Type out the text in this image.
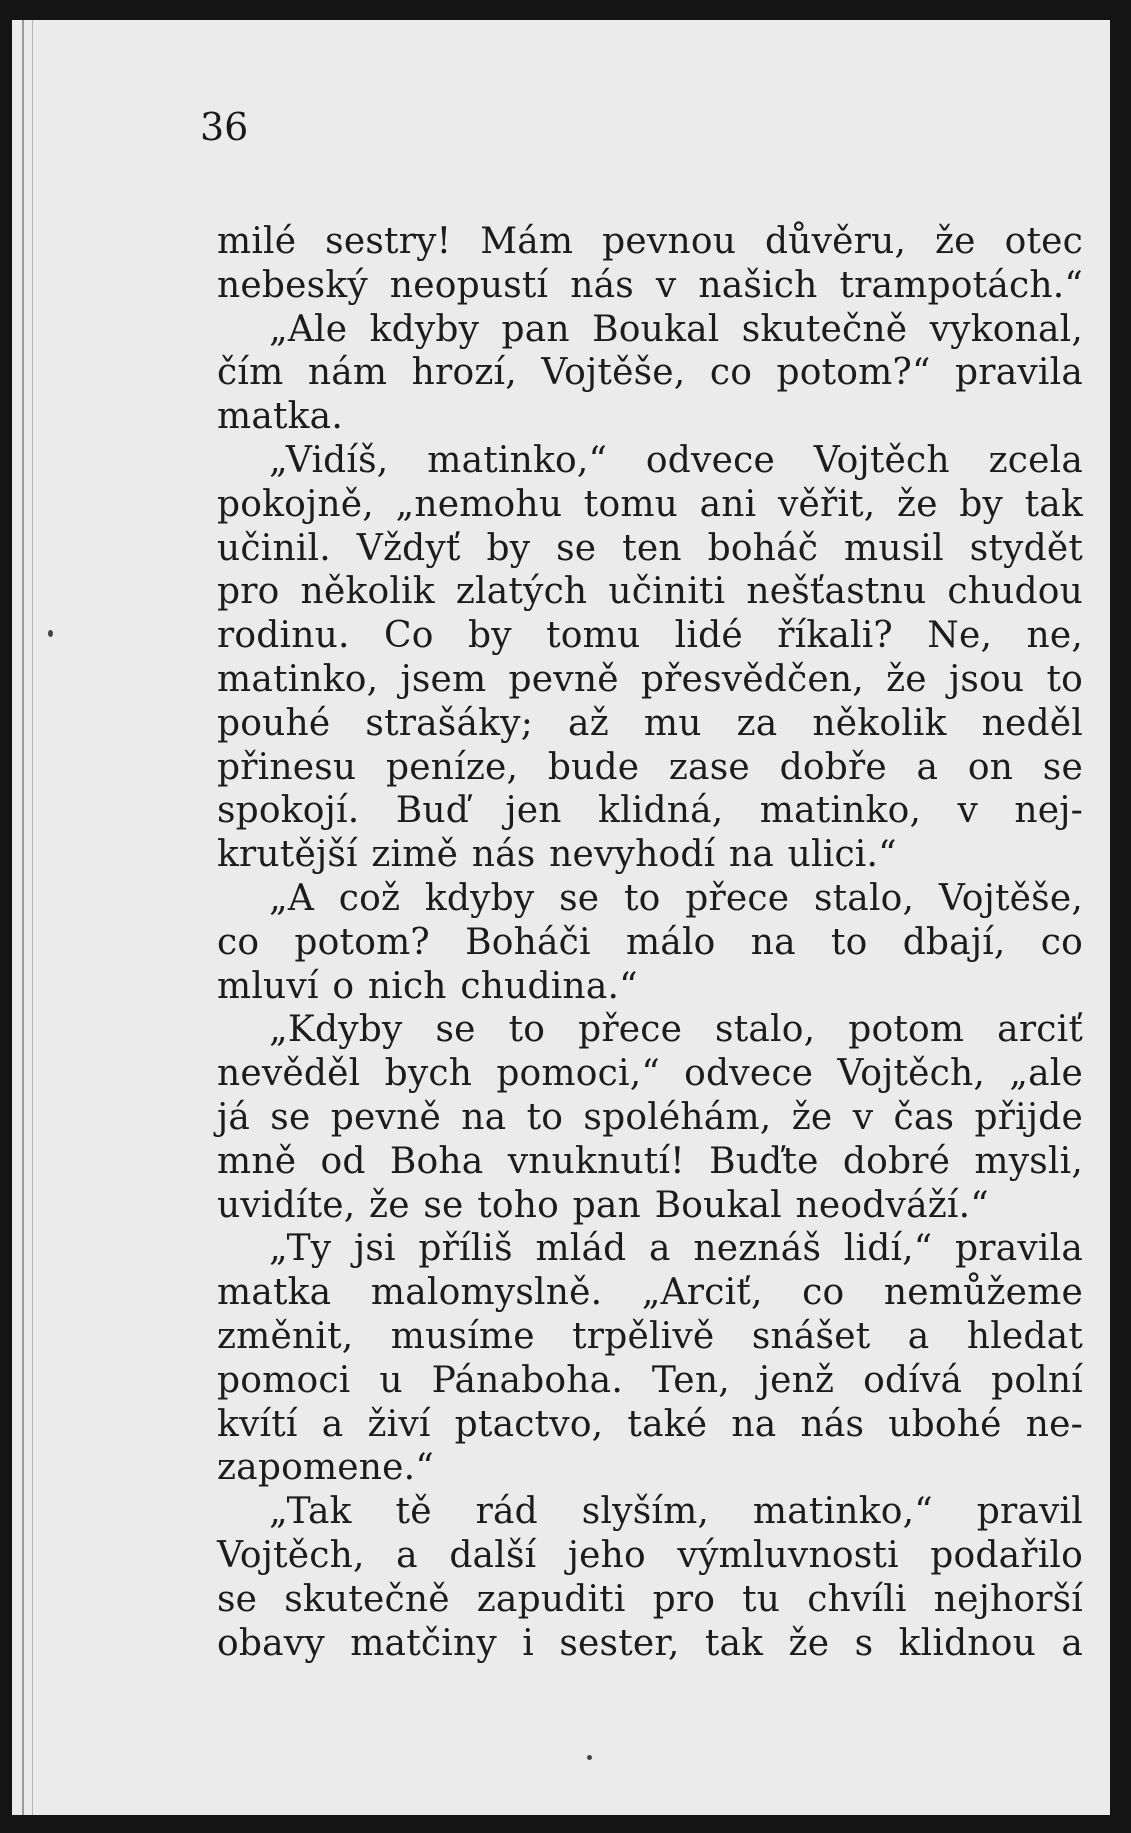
36
milé sestry! Mám pevnou důvěru, že otec
nebeský neopustí nás v našich trampotách.“
„Ale kdyby pan Boukal skutečně vykonal,
čím nám hrozí, Vojtěše, co potom?“ pravila
matka.
„Vidíš, matinko,“ odvece Vojtěch zcela
pokojně, „nemohu tomu ani věřit, že by tak
učinil. Vždyť by se ten boháč musil stydět
pro několik zlatých učiniti nešťastnu chudou
rodinu. Co by tomu lidé říkali? Ne, ne,
matinko, jsem pevně přesvědčen, že jsou to
pouhé strašáky; až mu za několik neděl
přinesu peníze, bude zase dobře a on se
spokojí. Buď jen klidná, matinko, v nej-
krutější zimě nás nevyhodí na ulici.“
„A což kdyby se to přece stalo, Vojtěše,
co potom? Boháči málo na to dbají, co
mluví o nich chudina.“
„Kdyby se to přece stalo, potom arciť
nevěděl bych pomoci,“ odvece Vojtěch, „ale
já se pevně na to spoléhám, že v čas přijde
mně od Boha vnuknutí! Buďte dobré mysli,
uvidíte, že se toho pan Boukal neodváží.“
„Ty jsi příliš mlád a neznáš lidí,“ pravila
matka malomyslně. „Arciť, co nemůžeme
změnit, musíme trpělivě snášet a hledat
pomoci u Pánaboha. Ten, jenž odívá polní
kvítí a živí ptactvo, také na nás ubohé ne-
zapomene.“
„Tak tě rád slyším, matinko,“ pravil
Vojtěch, a další jeho výmluvnosti podařilo
se skutečně zapuditi pro tu chvíli nejhorší
obavy matčiny i sester, tak že s klidnou a
